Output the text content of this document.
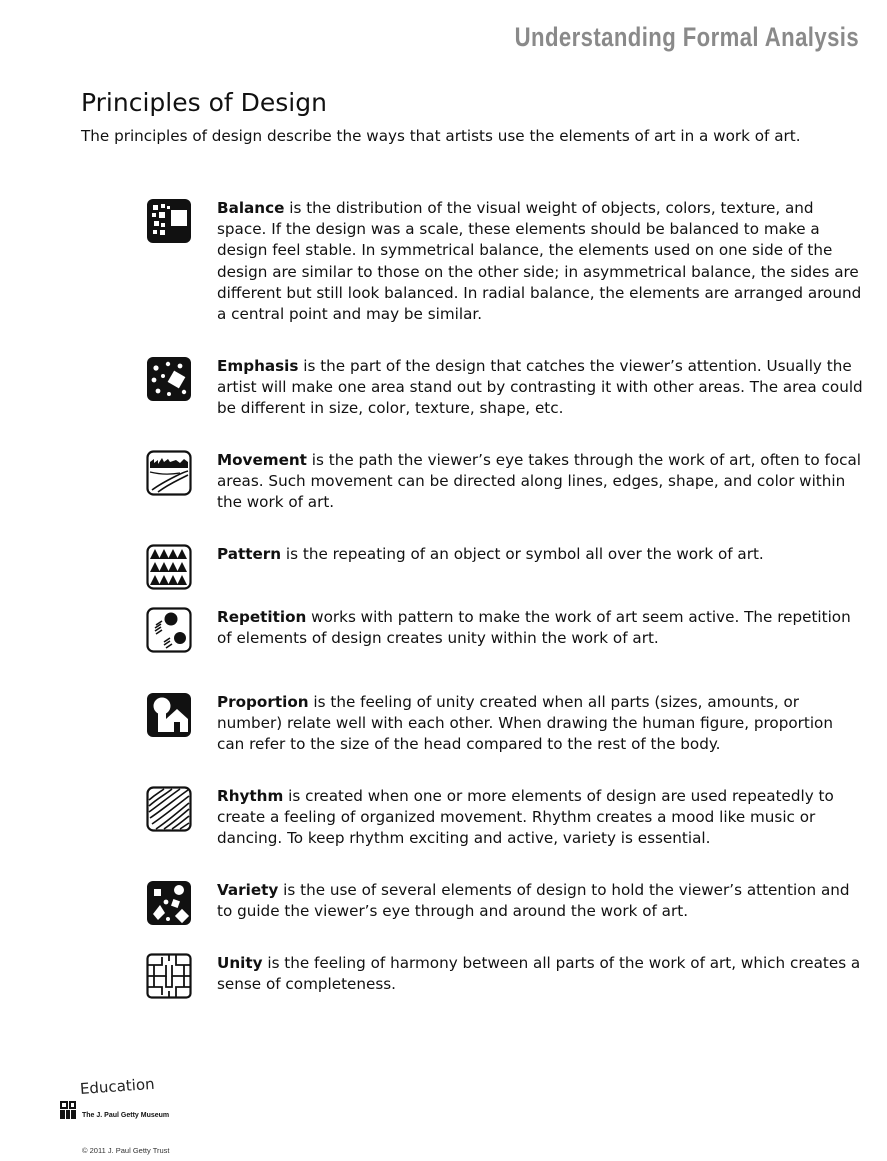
Understanding Formal Analysis
Principles of Design
The principles of design describe the ways that artists use the elements of art in a work of art.
Balance is the distribution of the visual weight of objects, colors, texture, and space. If the design was a scale, these elements should be balanced to make a design feel stable. In symmetrical balance, the elements used on one side of the design are similar to those on the other side; in asymmetrical balance, the sides are different but still look balanced. In radial balance, the elements are arranged around a central point and may be similar.
Emphasis is the part of the design that catches the viewer’s attention. Usually the artist will make one area stand out by contrasting it with other areas. The area could be different in size, color, texture, shape, etc.
Movement is the path the viewer’s eye takes through the work of art, often to focal areas. Such movement can be directed along lines, edges, shape, and color within the work of art.
Pattern is the repeating of an object or symbol all over the work of art.
Repetition works with pattern to make the work of art seem active. The repetition of elements of design creates unity within the work of art.
Proportion is the feeling of unity created when all parts (sizes, amounts, or number) relate well with each other. When drawing the human figure, proportion can refer to the size of the head compared to the rest of the body.
Rhythm is created when one or more elements of design are used repeatedly to create a feeling of organized movement. Rhythm creates a mood like music or dancing. To keep rhythm exciting and active, variety is essential.
Variety is the use of several elements of design to hold the viewer’s attention and to guide the viewer’s eye through and around the work of art.
Unity is the feeling of harmony between all parts of the work of art, which creates a sense of completeness.
Education
The J. Paul Getty Museum
© 2011 J. Paul Getty Trust
